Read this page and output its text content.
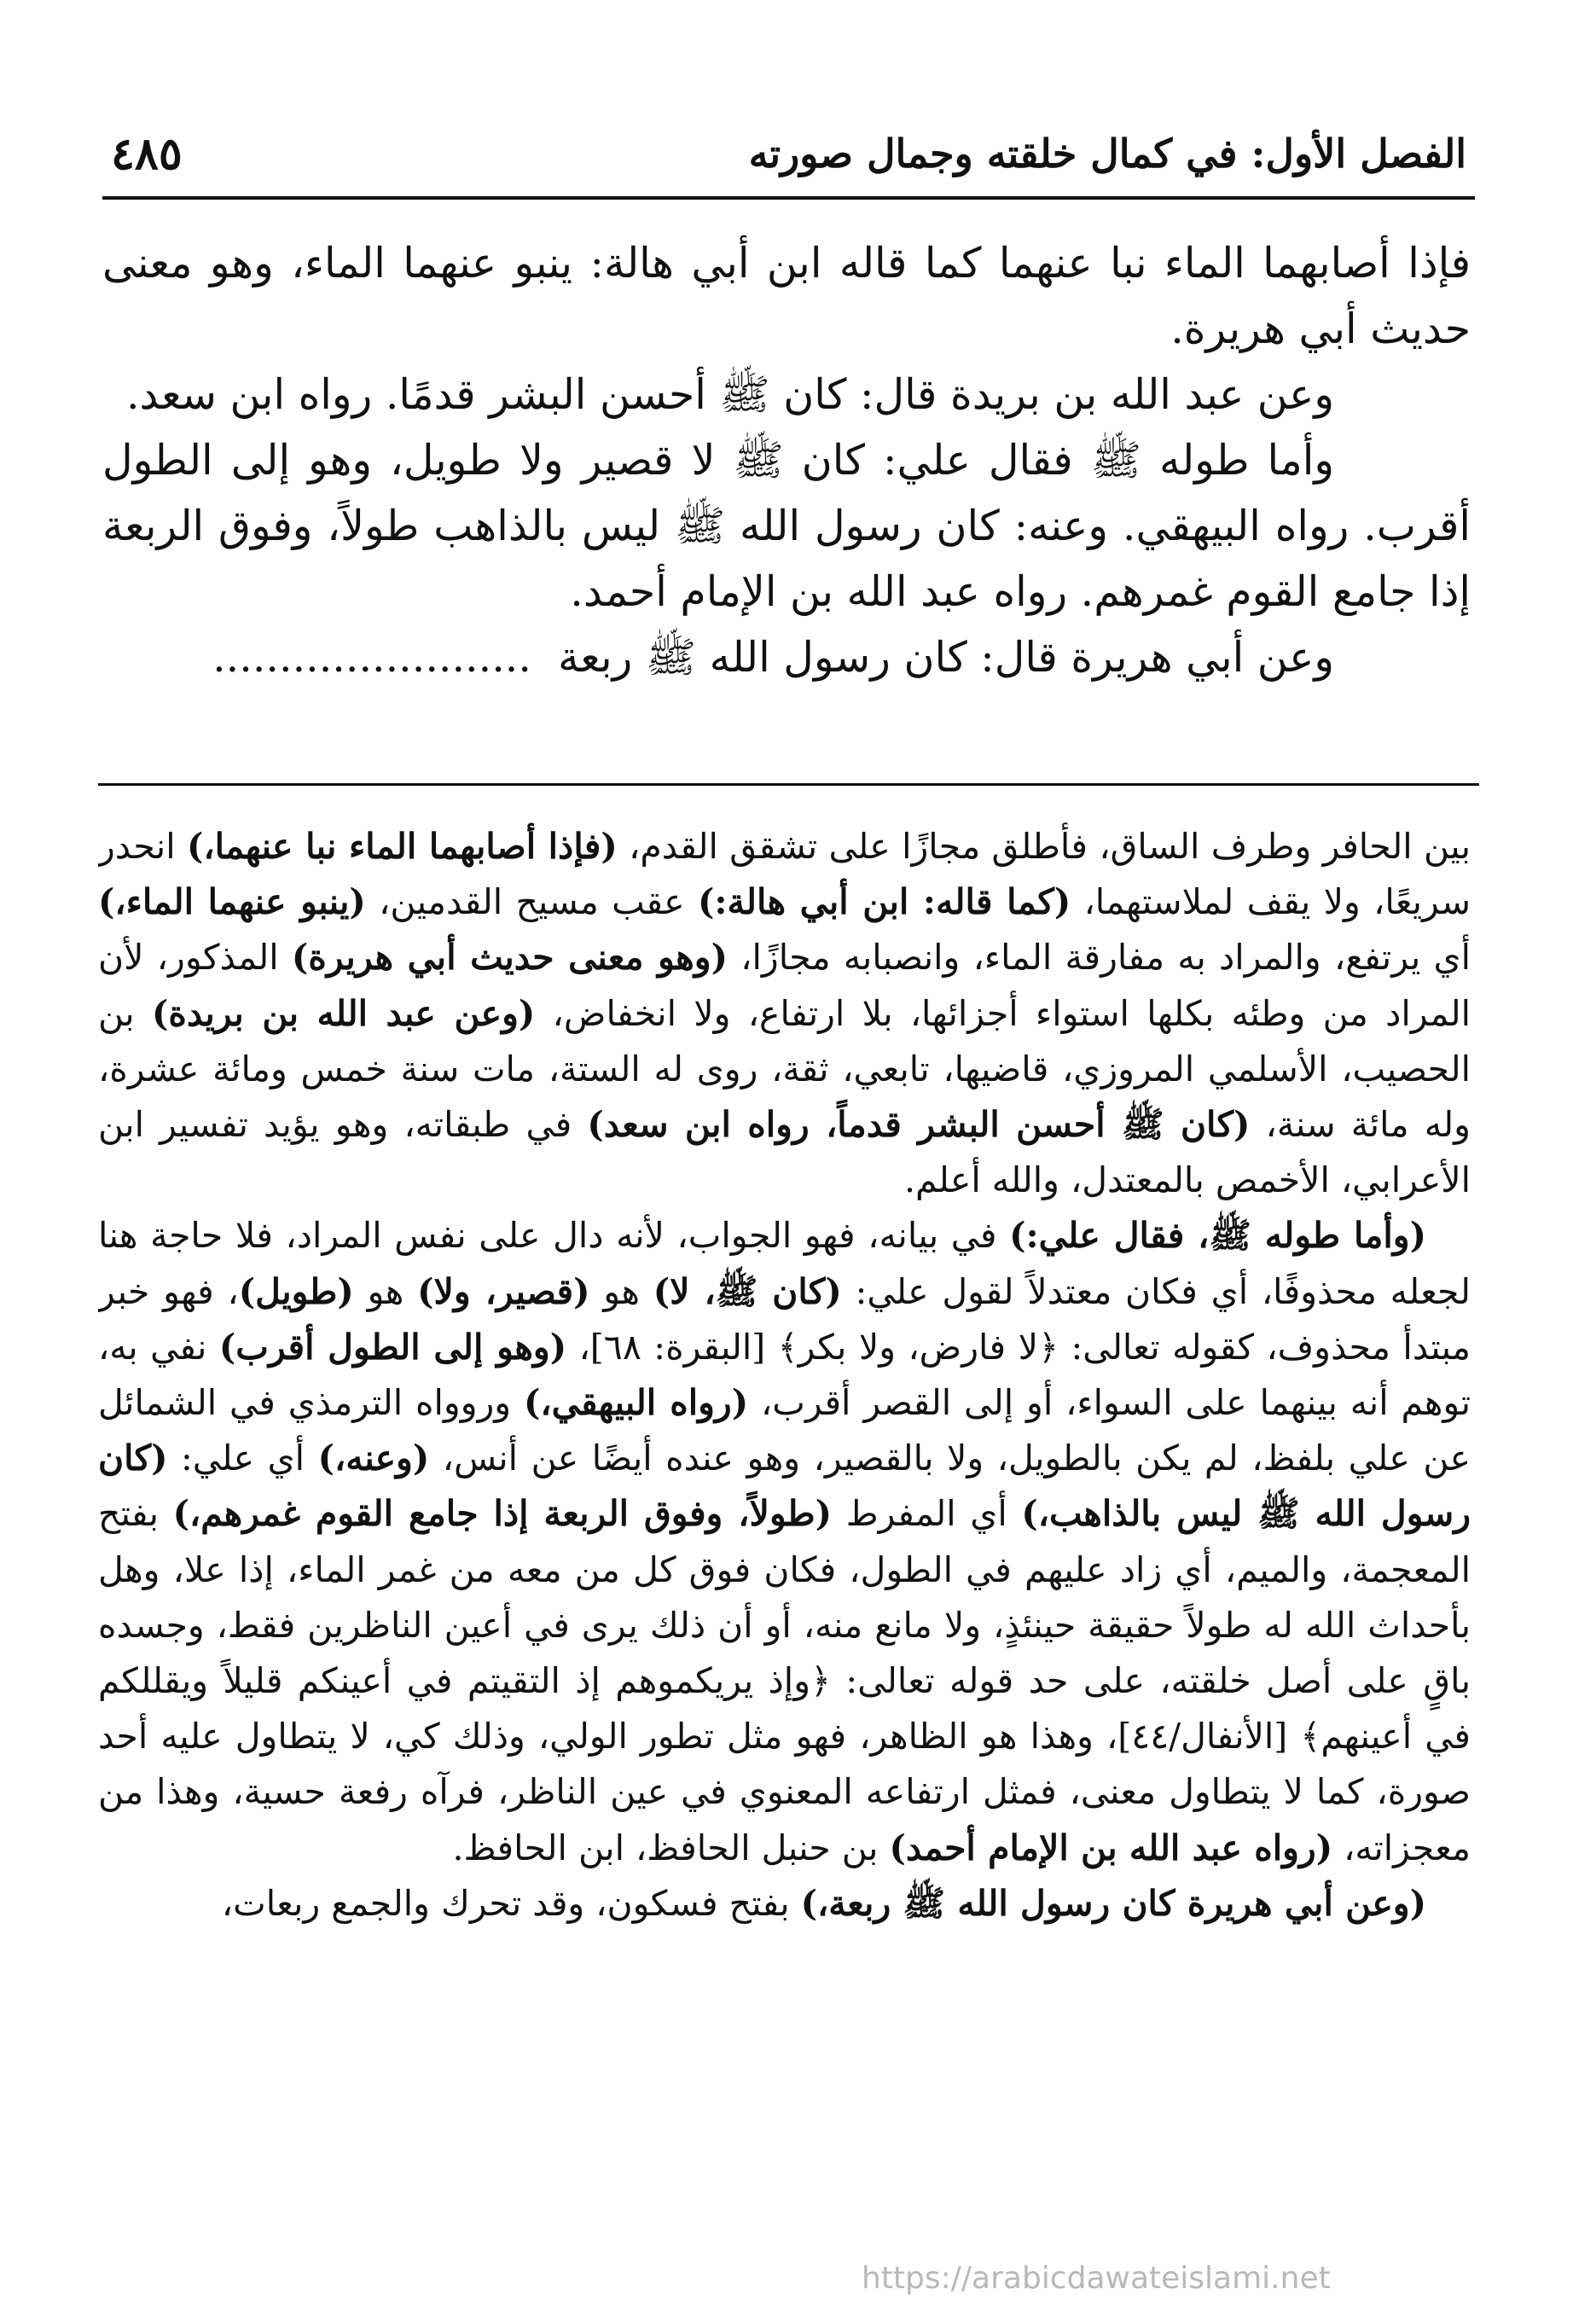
الفصل الأول: في كمال خلقته وجمال صورته
٤٨٥

فإذا أصابهما الماء نبا عنهما كما قاله ابن أبي هالة: ينبو عنهما الماء، وهو معنى حديث أبي هريرة.

وعن عبد الله بن بريدة قال: كان ﷺ أحسن البشر قدمًا. رواه ابن سعد.

وأما طوله ﷺ فقال علي: كان ﷺ لا قصير ولا طويل، وهو إلى الطول أقرب. رواه البيهقي. وعنه: كان رسول الله ﷺ ليس بالذاهب طولاً، وفوق الربعة إذا جامع القوم غمرهم. رواه عبد الله بن الإمام أحمد.

وعن أبي هريرة قال: كان رسول الله ﷺ ربعة  ........................

بين الحافر وطرف الساق، فأطلق مجازًا على تشقق القدم، (فإذا أصابهما الماء نبا عنهما،) انحدر سريعًا، ولا يقف لملاستهما، (كما قاله: ابن أبي هالة:) عقب مسيح القدمين، (ينبو عنهما الماء،) أي يرتفع، والمراد به مفارقة الماء، وانصبابه مجازًا، (وهو معنى حديث أبي هريرة) المذكور، لأن المراد من وطئه بكلها استواء أجزائها، بلا ارتفاع، ولا انخفاض، (وعن عبد الله بن بريدة) بن الحصيب، الأسلمي المروزي، قاضيها، تابعي، ثقة، روى له الستة، مات سنة خمس ومائة عشرة، وله مائة سنة، (كان ﷺ أحسن البشر قدماً، رواه ابن سعد) في طبقاته، وهو يؤيد تفسير ابن الأعرابي، الأخمص بالمعتدل، والله أعلم.

(وأما طوله ﷺ، فقال علي:) في بيانه، فهو الجواب، لأنه دال على نفس المراد، فلا حاجة هنا لجعله محذوفًا، أي فكان معتدلاً لقول علي: (كان ﷺ، لا) هو (قصير، ولا) هو (طويل)، فهو خبر مبتدأ محذوف، كقوله تعالى: ﴿لا فارض، ولا بكر﴾ [البقرة: ٦٨]، (وهو إلى الطول أقرب) نفي به، توهم أنه بينهما على السواء، أو إلى القصر أقرب، (رواه البيهقي،) وروواه الترمذي في الشمائل عن علي بلفظ، لم يكن بالطويل، ولا بالقصير، وهو عنده أيضًا عن أنس، (وعنه،) أي علي: (كان رسول الله ﷺ ليس بالذاهب،) أي المفرط (طولاً، وفوق الربعة إذا جامع القوم غمرهم،) بفتح المعجمة، والميم، أي زاد عليهم في الطول، فكان فوق كل من معه من غمر الماء، إذا علا، وهل بأحداث الله له طولاً حقيقة حينئذٍ، ولا مانع منه، أو أن ذلك يرى في أعين الناظرين فقط، وجسده باقٍ على أصل خلقته، على حد قوله تعالى: ﴿وإذ يريكموهم إذ التقيتم في أعينكم قليلاً ويقللكم في أعينهم﴾ [الأنفال/٤٤]، وهذا هو الظاهر، فهو مثل تطور الولي، وذلك كي، لا يتطاول عليه أحد صورة، كما لا يتطاول معنى، فمثل ارتفاعه المعنوي في عين الناظر، فرآه رفعة حسية، وهذا من معجزاته، (رواه عبد الله بن الإمام أحمد) بن حنبل الحافظ، ابن الحافظ.

(وعن أبي هريرة كان رسول الله ﷺ ربعة،) بفتح فسكون، وقد تحرك والجمع ربعات،

https://arabicdawateislami.net
